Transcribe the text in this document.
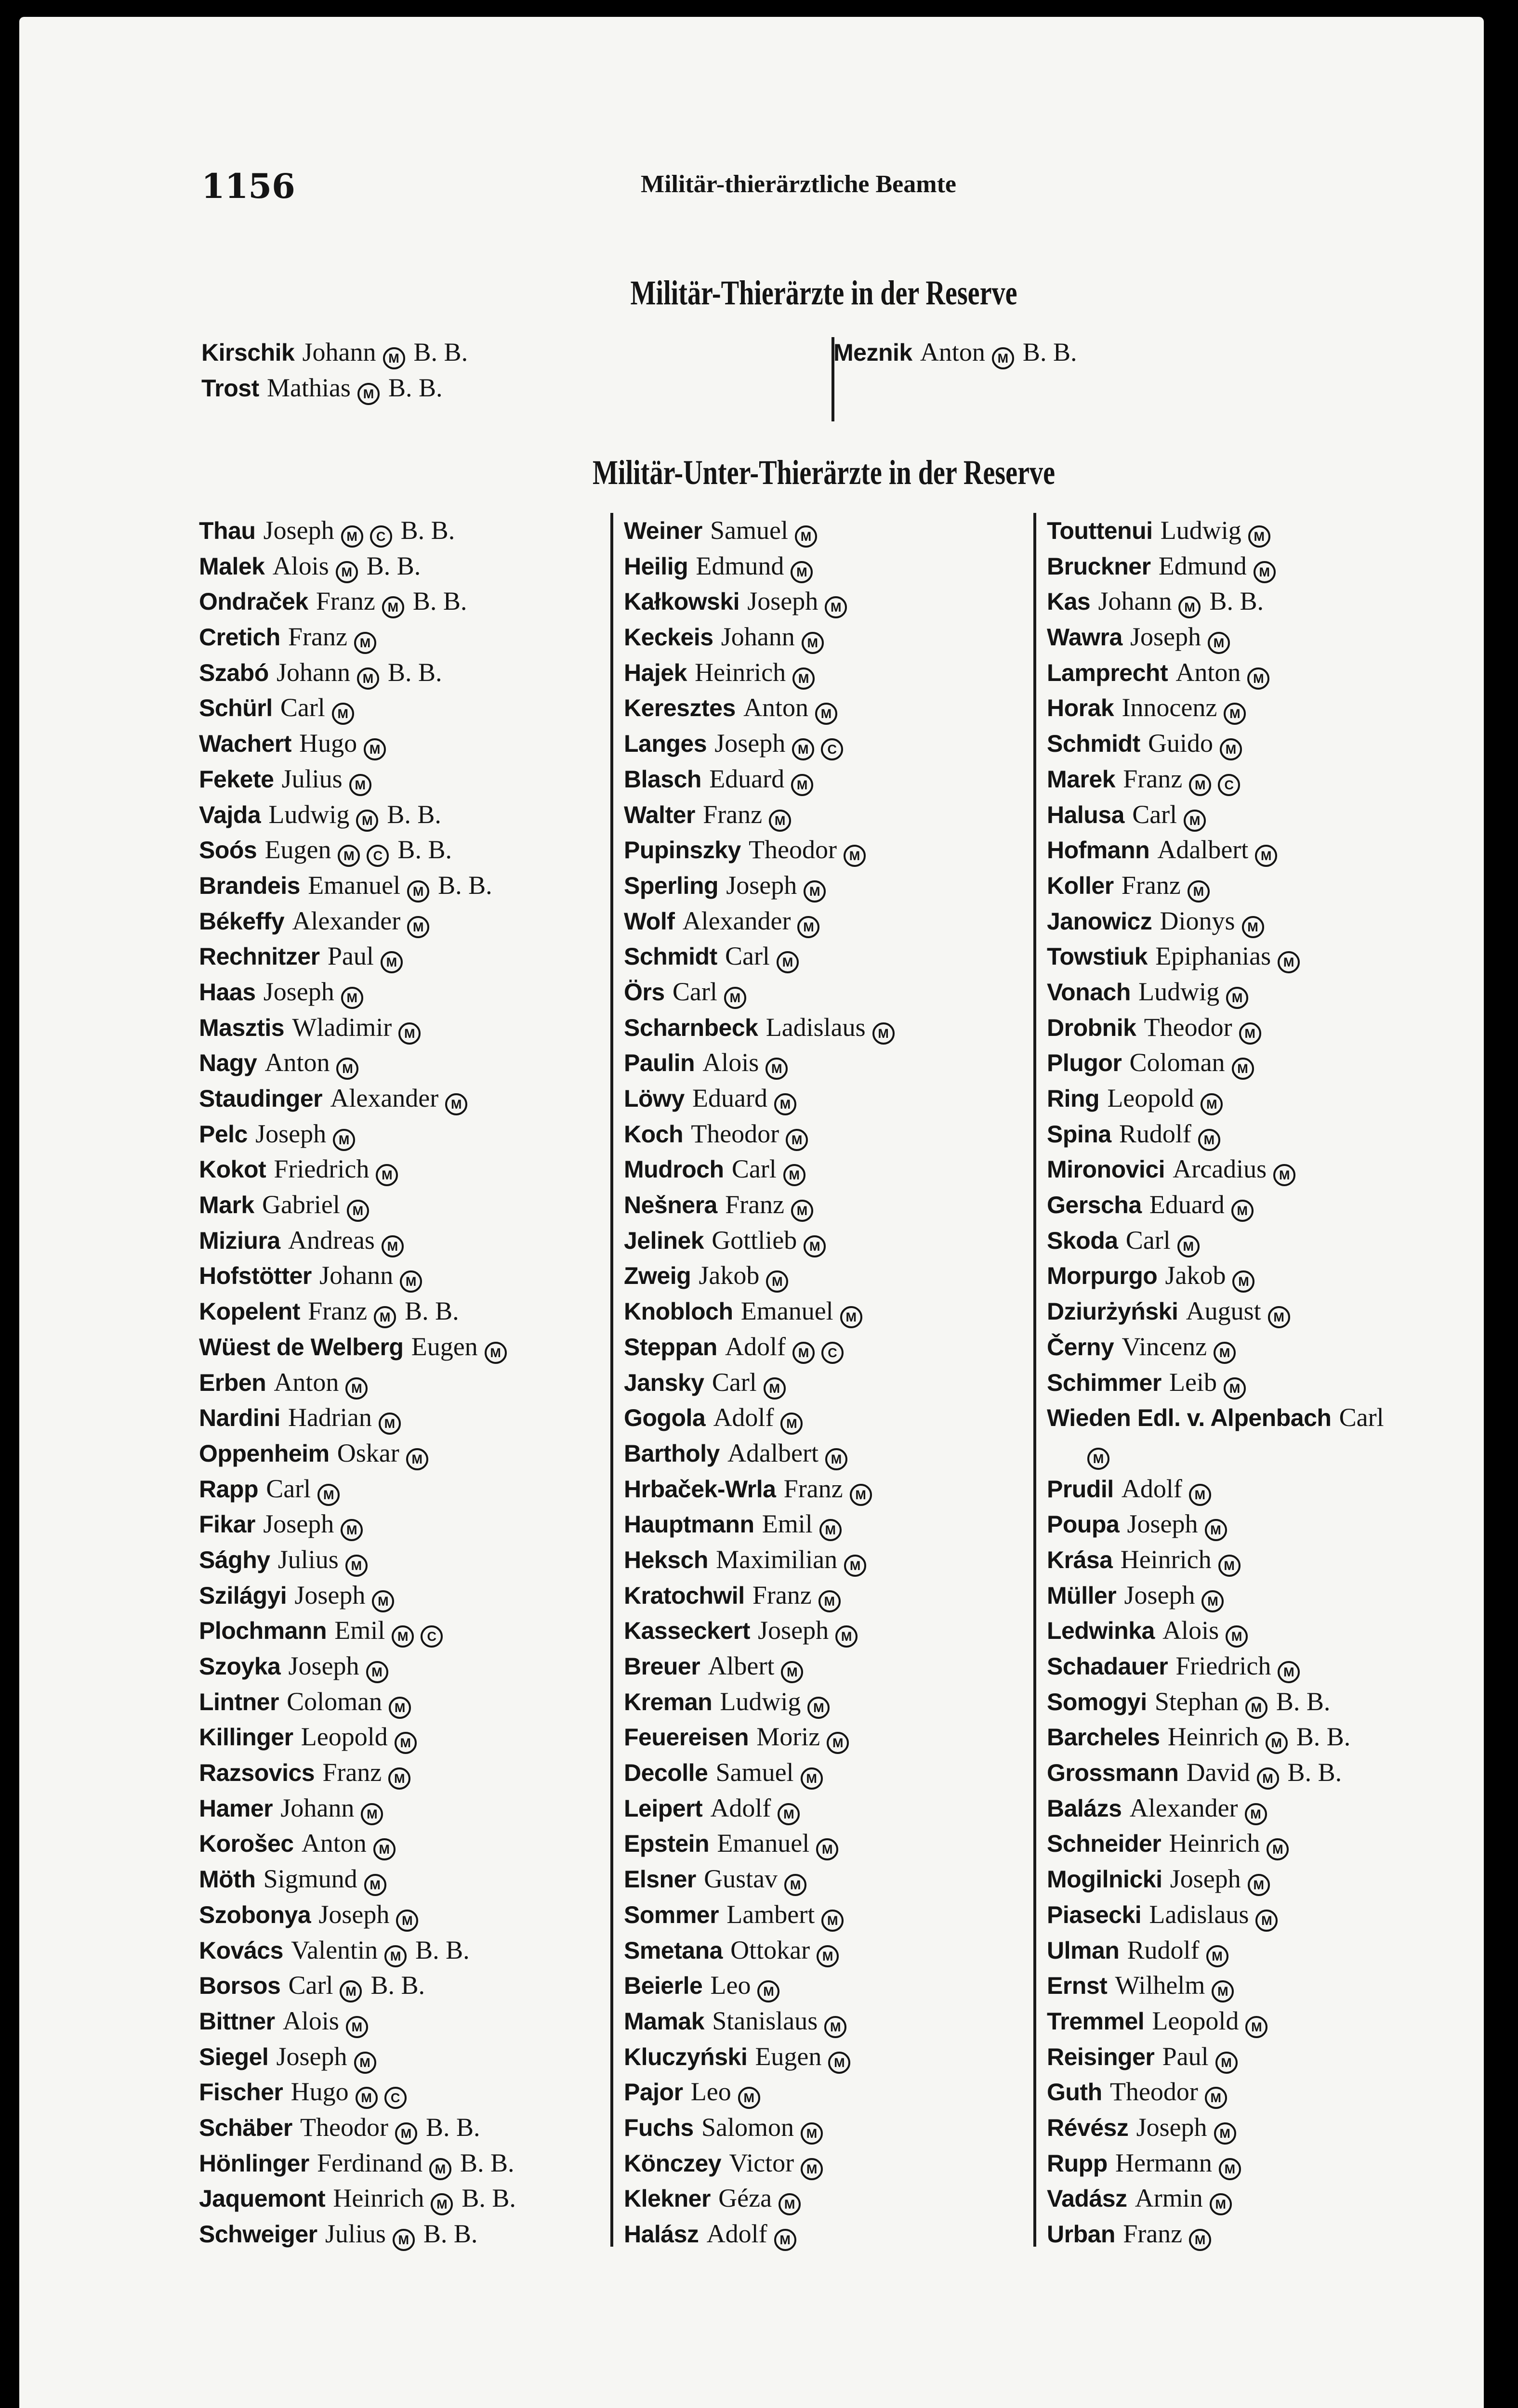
1156	Militär-thierärztliche Beamte
Militär-Thierärzte in der Reserve
Kirschik Johann M B. B.
Trost Mathias M B. B.
Meznik Anton M B. B.
Militär-Unter-Thierärzte in der Reserve
Thau Joseph M C B. B.
Malek Alois M B. B.
Ondraček Franz M B. B.
Cretich Franz M
Szabó Johann M B. B.
Schürl Carl M
Wachert Hugo M
Fekete Julius M
Vajda Ludwig M B. B.
Soós Eugen M C B. B.
Brandeis Emanuel M B. B.
Békeffy Alexander M
Rechnitzer Paul M
Haas Joseph M
Masztis Wladimir M
Nagy Anton M
Staudinger Alexander M
Pelc Joseph M
Kokot Friedrich M
Mark Gabriel M
Miziura Andreas M
Hofstötter Johann M
Kopelent Franz M B. B.
Wüest de Welberg Eugen M
Erben Anton M
Nardini Hadrian M
Oppenheim Oskar M
Rapp Carl M
Fikar Joseph M
Sághy Julius M
Szilágyi Joseph M
Plochmann Emil M C
Szoyka Joseph M
Lintner Coloman M
Killinger Leopold M
Razsovics Franz M
Hamer Johann M
Korošec Anton M
Möth Sigmund M
Szobonya Joseph M
Kovács Valentin M B. B.
Borsos Carl M B. B.
Bittner Alois M
Siegel Joseph M
Fischer Hugo M C
Schäber Theodor M B. B.
Hönlinger Ferdinand M B. B.
Jaquemont Heinrich M B. B.
Schweiger Julius M B. B.
Weiner Samuel M
Heilig Edmund M
Kałkowski Joseph M
Keckeis Johann M
Hajek Heinrich M
Keresztes Anton M
Langes Joseph M C
Blasch Eduard M
Walter Franz M
Pupinszky Theodor M
Sperling Joseph M
Wolf Alexander M
Schmidt Carl M
Örs Carl M
Scharnbeck Ladislaus M
Paulin Alois M
Löwy Eduard M
Koch Theodor M
Mudroch Carl M
Nešnera Franz M
Jelinek Gottlieb M
Zweig Jakob M
Knobloch Emanuel M
Steppan Adolf M C
Jansky Carl M
Gogola Adolf M
Bartholy Adalbert M
Hrbaček-Wrla Franz M
Hauptmann Emil M
Heksch Maximilian M
Kratochwil Franz M
Kasseckert Joseph M
Breuer Albert M
Kreman Ludwig M
Feuereisen Moriz M
Decolle Samuel M
Leipert Adolf M
Epstein Emanuel M
Elsner Gustav M
Sommer Lambert M
Smetana Ottokar M
Beierle Leo M
Mamak Stanislaus M
Kluczyński Eugen M
Pajor Leo M
Fuchs Salomon M
Könczey Victor M
Klekner Géza M
Halász Adolf M
Touttenui Ludwig M
Bruckner Edmund M
Kas Johann M B. B.
Wawra Joseph M
Lamprecht Anton M
Horak Innocenz M
Schmidt Guido M
Marek Franz M C
Halusa Carl M
Hofmann Adalbert M
Koller Franz M
Janowicz Dionys M
Towstiuk Epiphanias M
Vonach Ludwig M
Drobnik Theodor M
Plugor Coloman M
Ring Leopold M
Spina Rudolf M
Mironovici Arcadius M
Gerscha Eduard M
Skoda Carl M
Morpurgo Jakob M
Dziurżyński August M
Černy Vincenz M
Schimmer Leib M
Wieden Edl. v. Alpenbach Carl
M
Prudil Adolf M
Poupa Joseph M
Krása Heinrich M
Müller Joseph M
Ledwinka Alois M
Schadauer Friedrich M
Somogyi Stephan M B. B.
Barcheles Heinrich M B. B.
Grossmann David M B. B.
Balázs Alexander M
Schneider Heinrich M
Mogilnicki Joseph M
Piasecki Ladislaus M
Ulman Rudolf M
Ernst Wilhelm M
Tremmel Leopold M
Reisinger Paul M
Guth Theodor M
Révész Joseph M
Rupp Hermann M
Vadász Armin M
Urban Franz M
